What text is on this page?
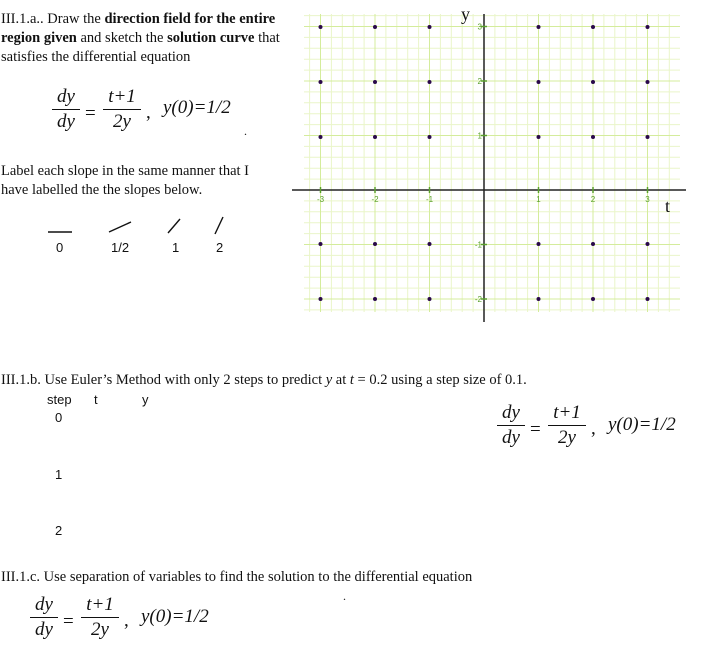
III.1.a.. Draw the direction field for the entire region given and sketch the solution curve that satisfies the differential equation
dy
dy =
t+1
2y , y(0)=1/2
.
Label each slope in the same manner that I
have labelled the the slopes below.
0	1/2	1	2
-3	-2	-1	1	2	3
3
2
1
-1
-2
y
t
III.1.b. Use Euler’s Method with only 2 steps to predict y at t = 0.2 using a step size of 0.1.
step t	y
0
1
2
dy
dy =
t+1
2y , y(0)=1/2
III.1.c. Use separation of variables to find the solution to the differential equation
.
dy
dy =
t+1
2y , y(0)=1/2
